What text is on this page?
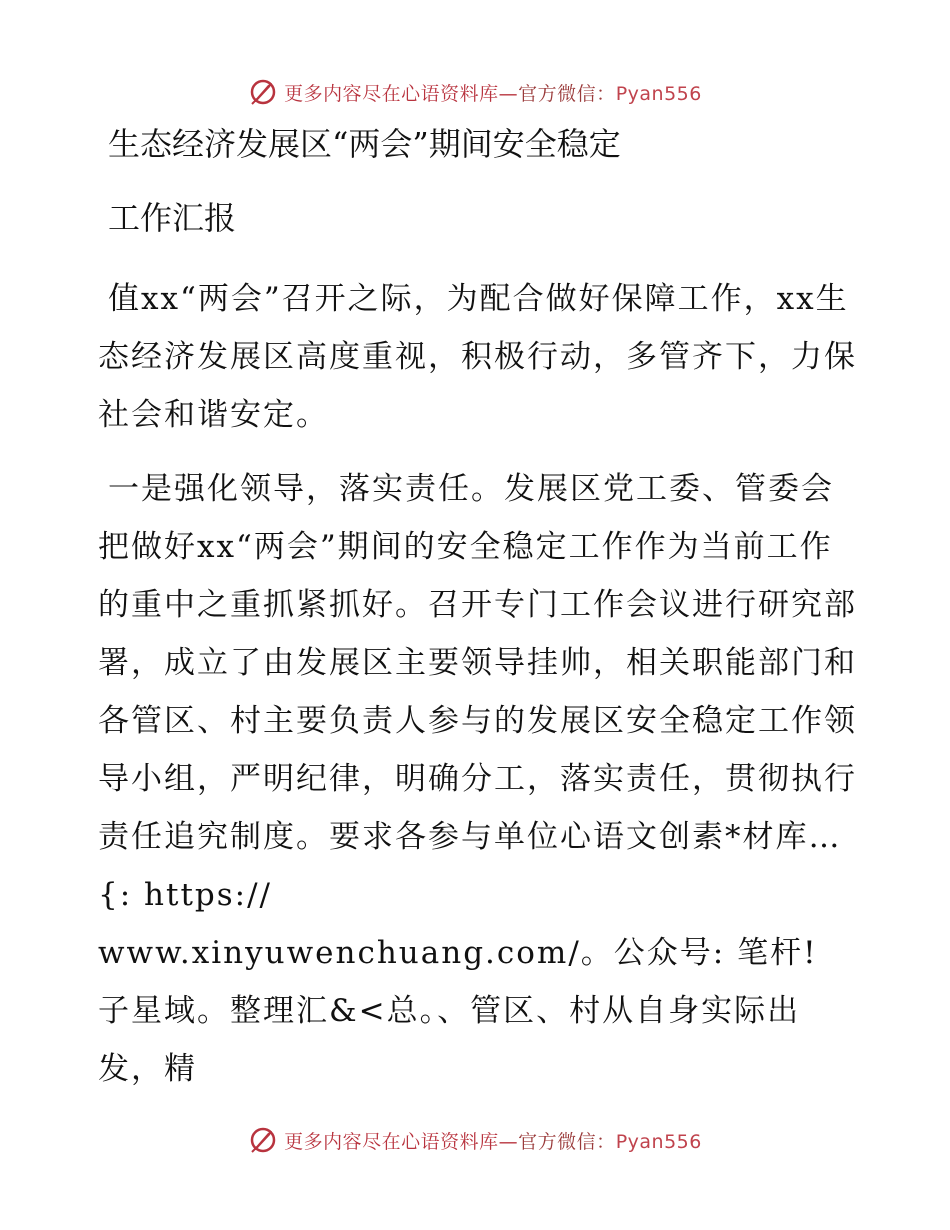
更多内容尽在心语资料库—官方微信：Pyan556
生态经济发展区“两会”期间安全稳定
工作汇报

值xx“两会”召开之际，为配合做好保障工作，xx生态经济发展区高度重视，积极行动，多管齐下，力保社会和谐安定。

一是强化领导，落实责任。发展区党工委、管委会把做好xx“两会”期间的安全稳定工作作为当前工作的重中之重抓紧抓好。召开专门工作会议进行研究部署，成立了由发展区主要领导挂帅，相关职能部门和各管区、村主要负责人参与的发展区安全稳定工作领导小组，严明纪律，明确分工，落实责任，贯彻执行责任追究制度。要求各参与单位心语文创素*材库…{: https://

www.xinyuwenchuang.com/。公众号: 笔杆! 子星域。整理汇&<总。、管区、村从自身实际出发，精

更多内容尽在心语资料库—官方微信：Pyan556
